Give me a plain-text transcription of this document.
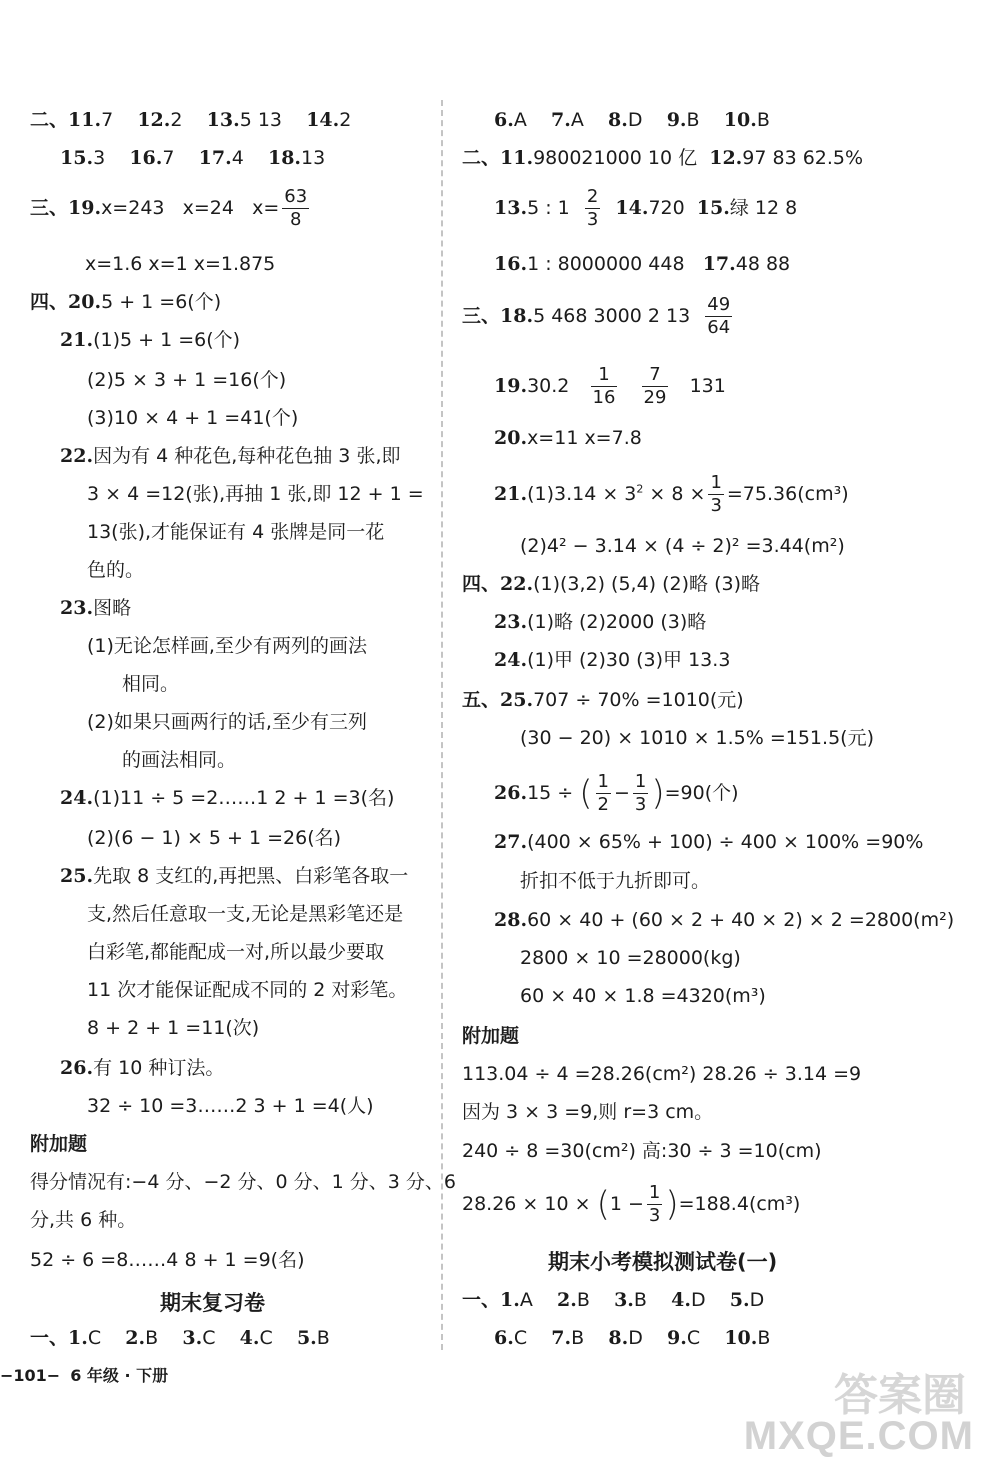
二、11.7 12.2 13.5 13 14.2
15.3 16.7 17.4 18.13
三、19.x=243 x=24 $x= \frac{63}{8}$
x=1.6 x=1 x=1.875
四、20.5 + 1 =6(个)
21.(1)5 + 1 =6(个)
(2)5 × 3 + 1 =16(个)
(3)10 × 4 + 1 =41(个)
22.因为有 4 种花色,每种花色抽 3 张,即
3 × 4 =12(张),再抽 1 张,即 12 + 1 =
13(张),才能保证有 4 张牌是同一花
色的。
23.图略
(1)无论怎样画,至少有两列的画法
相同。
(2)如果只画两行的话,至少有三列
的画法相同。
24.(1)11 ÷ 5 =2……1 2 + 1 =3(名)
(2)(6 − 1) × 5 + 1 =26(名)
25.先取 8 支红的,再把黑、白彩笔各取一
支,然后任意取一支,无论是黑彩笔还是
白彩笔,都能配成一对,所以最少要取
11 次才能保证配成不同的 2 对彩笔。
8 + 2 + 1 =11(次)
26.有 10 种订法。
32 ÷ 10 =3……2 3 + 1 =4(人)
附加题
得分情况有:−4 分、−2 分、0 分、1 分、3 分、6
分,共 6 种。
52 ÷ 6 =8……4 8 + 1 =9(名)
期末复习卷
一、1.C 2.B 3.C 4.C 5.B
6.A 7.A 8.D 9.B 10.B
二、11.980021000 10 亿 12.97 83 62.5%
13.5 : $1 \frac{2}{3} 14.720$ 15.绿 12 8
16.1 : 8000000 448 17.48 88
三、18.5 468 3000 2 $13 \frac{49}{64}$
$19.30.2 \frac{1}{16}$
$\frac{7}{29} 131$
20.x=11 x=7.8
$21.(1)3.14 \times 3^2 \times 8 \times \frac{1}{3} =75.36(cm^3)$
(2)4² − 3.14 × (4 ÷ 2)² =3.44(m²)
四、22.(1)(3,2) (5,4) (2)略 (3)略
23.(1)略 (2)2000 (3)略
24.(1)甲 (2)30 (3)甲 13.3
五、25.707 ÷ 70% =1010(元)
(30 − 20) × 1010 × 1.5% =151.5(元)
26.15 ÷ ( $\frac{1}{2} - \frac{1}{3} )=90$(个)
27.(400 × 65% + 100) ÷ 400 × 100% =90%
折扣不低于九折即可。
28.60 × 40 + (60 × 2 + 40 × 2) × 2 =2800(m²)
2800 × 10 =28000(kg)
60 × 40 × 1.8 =4320(m³)
附加题
113.04 ÷ 4 =28.26(cm²) 28.26 ÷ 3.14 =9
因为 3 × 3 =9,则 r=3 cm。
240 ÷ 8 =30(cm²) 高:30 ÷ 3 =10(cm)
$28.26 \times 10 \times (1 - \frac{1}{3} )=188.4(cm^3)$
期末小考模拟测试卷(一)
一、1.A 2.B 3.B 4.D 5.D
6.C 7.B 8.D 9.C 10.B
−101− 6 年级 · 下册	答案圈
MXQE.COM
